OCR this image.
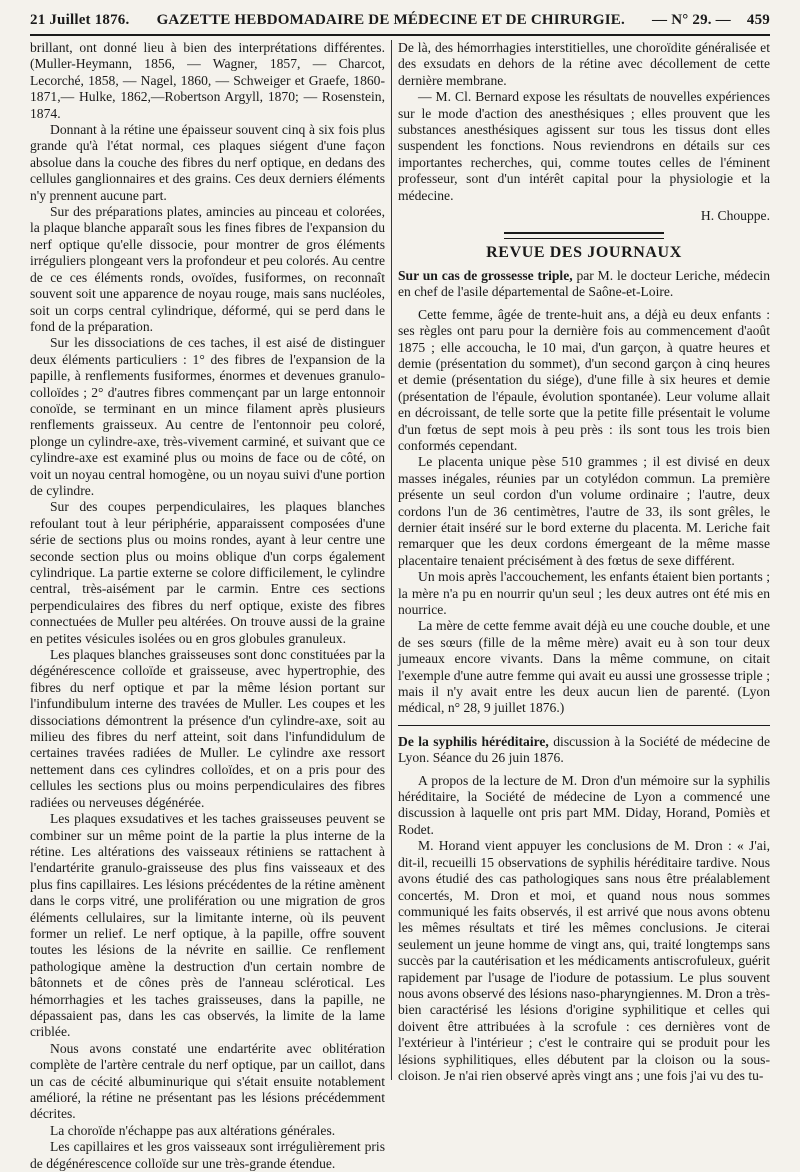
21 Juillet 1876.	GAZETTE HEBDOMADAIRE DE MÉDECINE ET DE CHIRURGIE.	— N° 29. — 459

brillant, ont donné lieu à bien des interprétations différentes. (Muller-Heymann, 1856, — Wagner, 1857, — Charcot, Lecorché, 1858, — Nagel, 1860, — Schweiger et Graefe, 1860-1871,— Hulke, 1862,—Robertson Argyll, 1870; — Rosenstein, 1874.

Donnant à la rétine une épaisseur souvent cinq à six fois plus grande qu'à l'état normal, ces plaques siégent d'une façon absolue dans la couche des fibres du nerf optique, en dedans des cellules ganglionnaires et des grains. Ces deux derniers éléments n'y prennent aucune part.

Sur des préparations plates, amincies au pinceau et colorées, la plaque blanche apparaît sous les fines fibres de l'expansion du nerf optique qu'elle dissocie, pour montrer de gros éléments irréguliers plongeant vers la profondeur et peu colorés. Au centre de ce ces éléments ronds, ovoïdes, fusiformes, on reconnaît souvent soit une apparence de noyau rouge, mais sans nucléoles, soit un corps central cylindrique, déformé, qui se perd dans le fond de la préparation.

Sur les dissociations de ces taches, il est aisé de distinguer deux éléments particuliers : 1° des fibres de l'expansion de la papille, à renflements fusiformes, énormes et devenues granulo-colloïdes ; 2° d'autres fibres commençant par un large entonnoir conoïde, se terminant en un mince filament après plusieurs renflements graisseux. Au centre de l'entonnoir peu coloré, plonge un cylindre-axe, très-vivement carminé, et suivant que ce cylindre-axe est examiné plus ou moins de face ou de côté, on voit un noyau central homogène, ou un noyau suivi d'une portion de cylindre.

Sur des coupes perpendiculaires, les plaques blanches refoulant tout à leur périphérie, apparaissent composées d'une série de sections plus ou moins rondes, ayant à leur centre une seconde section plus ou moins oblique d'un corps également cylindrique. La partie externe se colore difficilement, le cylindre central, très-aisément par le carmin. Entre ces sections perpendiculaires des fibres du nerf optique, existe des fibres connectuées de Muller peu altérées. On trouve aussi de la graine en petites vésicules isolées ou en gros globules granuleux.

Les plaques blanches graisseuses sont donc constituées par la dégénérescence colloïde et graisseuse, avec hypertrophie, des fibres du nerf optique et par la même lésion portant sur l'infundibulum interne des travées de Muller. Les coupes et les dissociations démontrent la présence d'un cylindre-axe, soit au milieu des fibres du nerf atteint, soit dans l'infundidulum de certaines travées radiées de Muller. Le cylindre axe ressort nettement dans ces cylindres colloïdes, et on a pris pour des cellules les sections plus ou moins perpendiculaires des fibres radiées ou nerveuses dégénérée.

Les plaques exsudatives et les taches graisseuses peuvent se combiner sur un même point de la partie la plus interne de la rétine. Les altérations des vaisseaux rétiniens se rattachent à l'endartérite granulo-graisseuse des plus fins vaisseaux et des plus fins capillaires. Les lésions précédentes de la rétine amènent dans le corps vitré, une prolifération ou une migration de gros éléments cellulaires, sur la limitante interne, où ils peuvent former un relief. Le nerf optique, à la papille, offre souvent toutes les lésions de la névrite en saillie. Ce renflement pathologique amène la destruction d'un certain nombre de bâtonnets et de cônes près de l'anneau sclérotical. Les hémorrhagies et les taches graisseuses, dans la papille, ne dépassaient pas, dans les cas observés, la limite de la lame criblée.

Nous avons constaté une endartérite avec oblitération complète de l'artère centrale du nerf optique, par un caillot, dans un cas de cécité albuminurique qui s'était ensuite notablement amélioré, la rétine ne présentant pas les lésions précédemment décrites.

La choroïde n'échappe pas aux altérations générales.

Les capillaires et les gros vaisseaux sont irrégulièrement pris de dégénérescence colloïde sur une très-grande étendue.

De là, des hémorrhagies interstitielles, une choroïdite généralisée et des exsudats en dehors de la rétine avec décollement de cette dernière membrane.

— M. Cl. Bernard expose les résultats de nouvelles expériences sur le mode d'action des anesthésiques ; elles prouvent que les substances anesthésiques agissent sur tous les tissus dont elles suspendent les fonctions. Nous reviendrons en détails sur ces importantes recherches, qui, comme toutes celles de l'éminent professeur, sont d'un intérêt capital pour la physiologie et la médecine.

H. Chouppe.

REVUE DES JOURNAUX

Sur un cas de grossesse triple, par M. le docteur Leriche, médecin en chef de l'asile départemental de Saône-et-Loire.

Cette femme, âgée de trente-huit ans, a déjà eu deux enfants : ses règles ont paru pour la dernière fois au commencement d'août 1875 ; elle accoucha, le 10 mai, d'un garçon, à quatre heures et demie (présentation du sommet), d'un second garçon à cinq heures et demie (présentation du siége), d'une fille à six heures et demie (présentation de l'épaule, évolution spontanée). Leur volume allait en décroissant, de telle sorte que la petite fille présentait le volume d'un fœtus de sept mois à peu près : ils sont tous les trois bien conformés cependant.

Le placenta unique pèse 510 grammes ; il est divisé en deux masses inégales, réunies par un cotylédon commun. La première présente un seul cordon d'un volume ordinaire ; l'autre, deux cordons l'un de 36 centimètres, l'autre de 33, ils sont grêles, le dernier était inséré sur le bord externe du placenta. M. Leriche fait remarquer que les deux cordons émergeant de la même masse placentaire tenaient précisément à des fœtus de sexe différent.

Un mois après l'accouchement, les enfants étaient bien portants ; la mère n'a pu en nourrir qu'un seul ; les deux autres ont été mis en nourrice.

La mère de cette femme avait déjà eu une couche double, et une de ses sœurs (fille de la même mère) avait eu à son tour deux jumeaux encore vivants. Dans la même commune, on citait l'exemple d'une autre femme qui avait eu aussi une grossesse triple ; mais il n'y avait entre les deux aucun lien de parenté. (Lyon médical, n° 28, 9 juillet 1876.)

De la syphilis héréditaire, discussion à la Société de médecine de Lyon. Séance du 26 juin 1876.

A propos de la lecture de M. Dron d'un mémoire sur la syphilis héréditaire, la Société de médecine de Lyon a commencé une discussion à laquelle ont pris part MM. Diday, Horand, Pomiès et Rodet.

M. Horand vient appuyer les conclusions de M. Dron : « J'ai, dit-il, recueilli 15 observations de syphilis héréditaire tardive. Nous avons étudié des cas pathologiques sans nous être préalablement concertés, M. Dron et moi, et quand nous nous sommes communiqué les faits observés, il est arrivé que nous avons obtenu les mêmes résultats et tiré les mêmes conclusions. Je citerai seulement un jeune homme de vingt ans, qui, traité longtemps sans succès par la cautérisation et les médicaments antiscrofuleux, guérit rapidement par l'usage de l'iodure de potassium. Le plus souvent nous avons observé des lésions naso-pharyngiennes. M. Dron a très-bien caractérisé les lésions d'origine syphilitique et celles qui doivent être attribuées à la scrofule : ces dernières vont de l'extérieur à l'intérieur ; c'est le contraire qui se produit pour les lésions syphilitiques, elles débutent par la cloison ou la sous-cloison. Je n'ai rien observé après vingt ans ; une fois j'ai vu des tu-
